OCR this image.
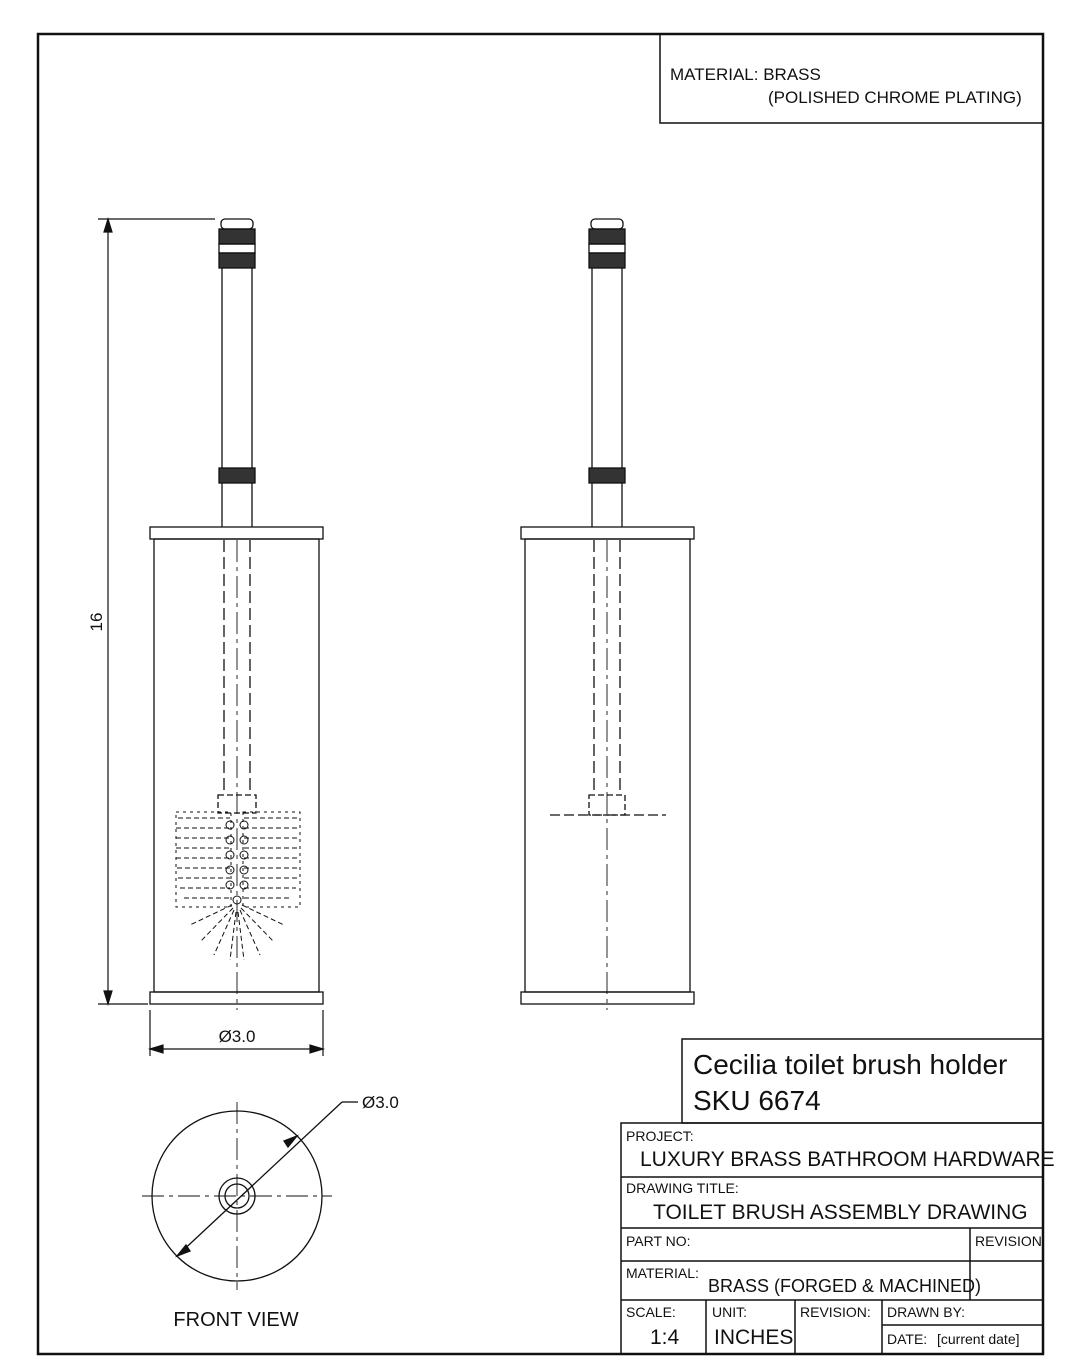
MATERIAL: BRASS
(POLISHED CHROME PLATING)
16
Ø3.0
Ø3.0
FRONT VIEW
Cecilia toilet brush holder
SKU 6674
PROJECT:
LUXURY BRASS BATHROOM HARDWARE
DRAWING TITLE:
TOILET BRUSH ASSEMBLY DRAWING
PART NO:	REVISION
MATERIAL:
BRASS (FORGED & MACHINED)
SCALE:
1:4
UNIT:
INCHES
REVISION: DRAWN BY:
DATE: [current date]
